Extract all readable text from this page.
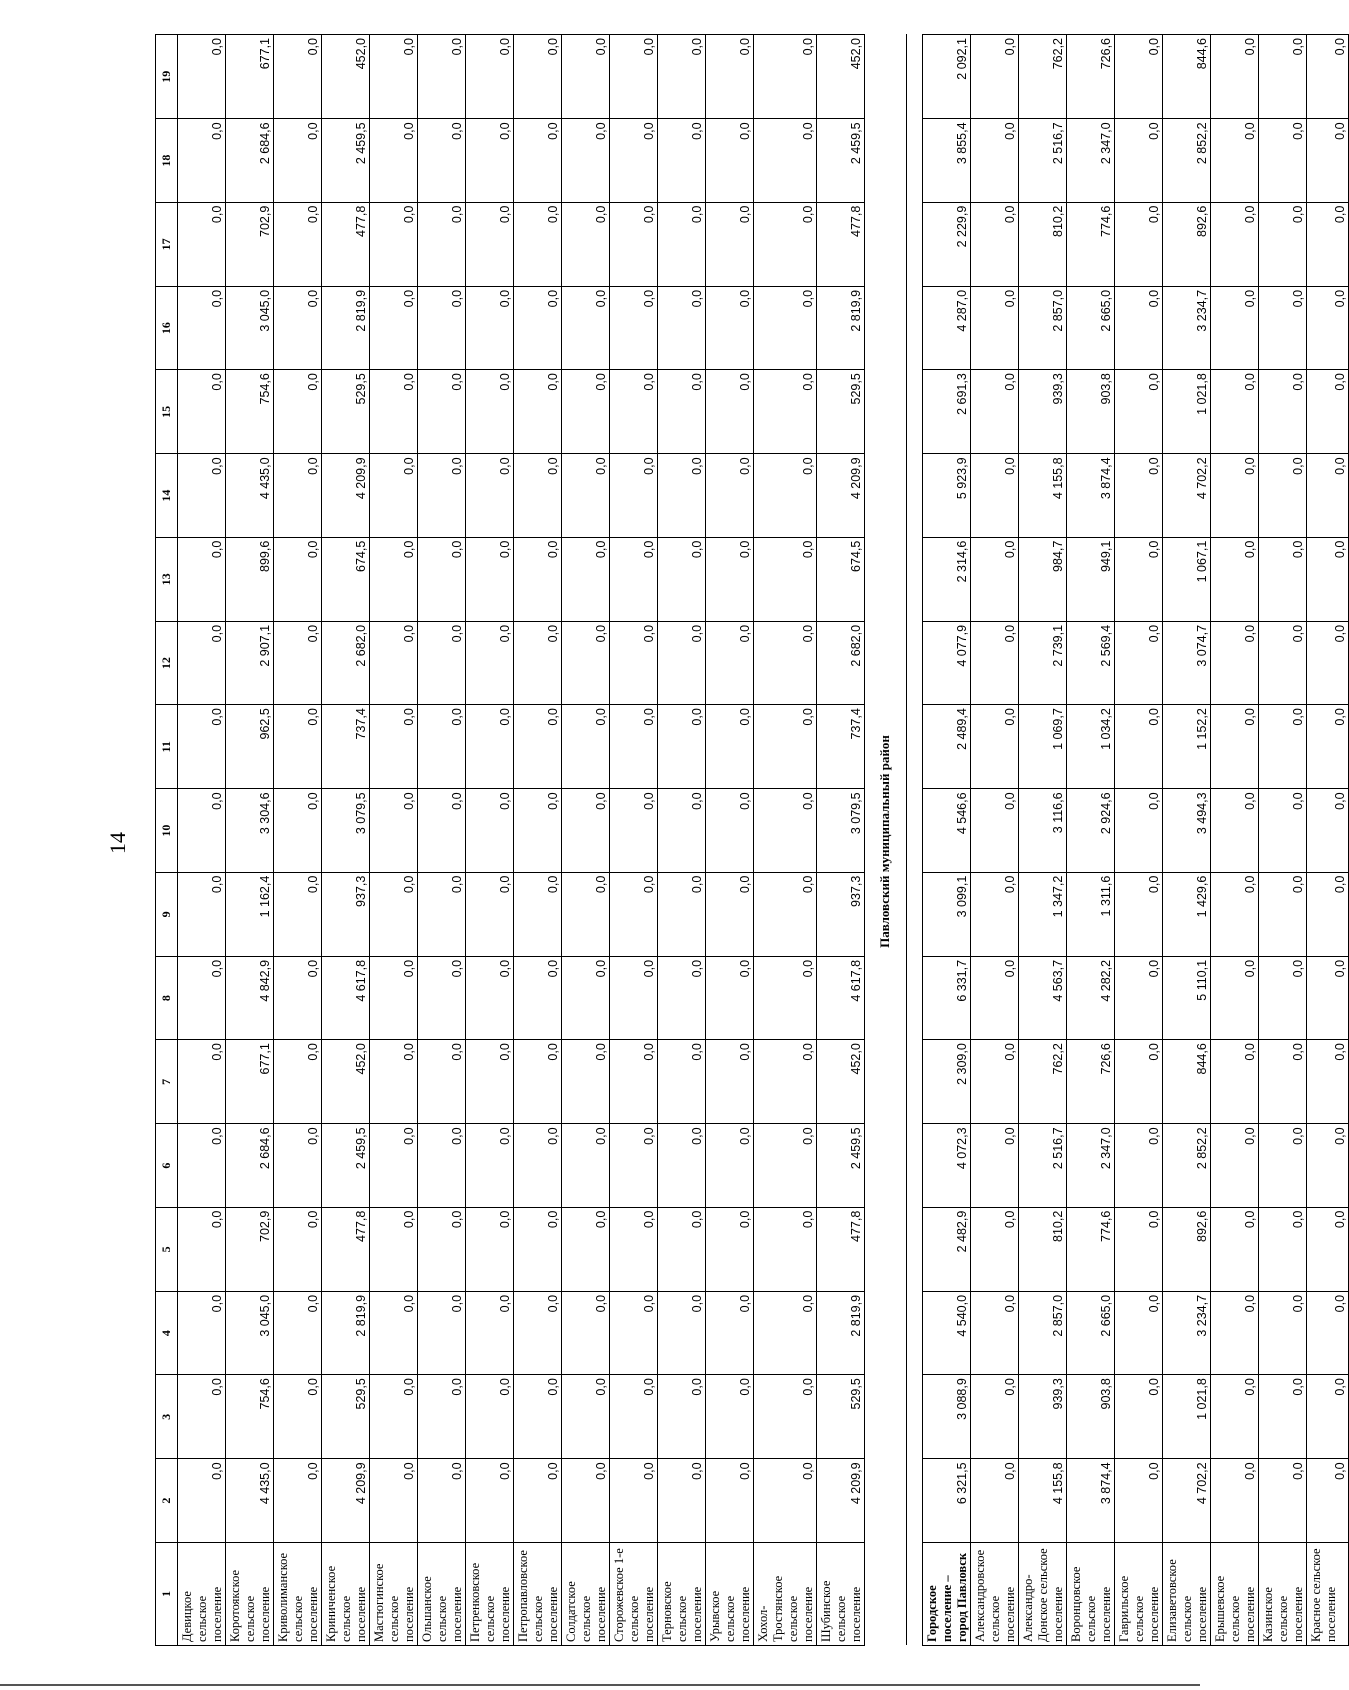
14
1	2	3	4	5	6	7	8	9	10	11	12	13	14	15	16	17	18	19
Девицкое сельское поселение	0,0	0,0	0,0	0,0	0,0	0,0	0,0	0,0	0,0	0,0	0,0	0,0	0,0	0,0	0,0	0,0	0,0	0,0
Коротоякское сельское поселение	4 435,0	754,6	3 045,0	702,9	2 684,6	677,1	4 842,9	1 162,4	3 304,6	962,5	2 907,1	899,6	4 435,0	754,6	3 045,0	702,9	2 684,6	677,1
Криволиманское сельское поселение	0,0	0,0	0,0	0,0	0,0	0,0	0,0	0,0	0,0	0,0	0,0	0,0	0,0	0,0	0,0	0,0	0,0	0,0
Криниченское сельское поселение	4 209,9	529,5	2 819,9	477,8	2 459,5	452,0	4 617,8	937,3	3 079,5	737,4	2 682,0	674,5	4 209,9	529,5	2 819,9	477,8	2 459,5	452,0
Мастюгинское сельское поселение	0,0	0,0	0,0	0,0	0,0	0,0	0,0	0,0	0,0	0,0	0,0	0,0	0,0	0,0	0,0	0,0	0,0	0,0
Ольшанское сельское поселение	0,0	0,0	0,0	0,0	0,0	0,0	0,0	0,0	0,0	0,0	0,0	0,0	0,0	0,0	0,0	0,0	0,0	0,0
Петренковское сельское поселение	0,0	0,0	0,0	0,0	0,0	0,0	0,0	0,0	0,0	0,0	0,0	0,0	0,0	0,0	0,0	0,0	0,0	0,0
Петропавловское сельское поселение	0,0	0,0	0,0	0,0	0,0	0,0	0,0	0,0	0,0	0,0	0,0	0,0	0,0	0,0	0,0	0,0	0,0	0,0
Солдатское сельское поселение	0,0	0,0	0,0	0,0	0,0	0,0	0,0	0,0	0,0	0,0	0,0	0,0	0,0	0,0	0,0	0,0	0,0	0,0
Сторожевское 1-е сельское поселение	0,0	0,0	0,0	0,0	0,0	0,0	0,0	0,0	0,0	0,0	0,0	0,0	0,0	0,0	0,0	0,0	0,0	0,0
Терновское сельское поселение	0,0	0,0	0,0	0,0	0,0	0,0	0,0	0,0	0,0	0,0	0,0	0,0	0,0	0,0	0,0	0,0	0,0	0,0
Урывское сельское поселение	0,0	0,0	0,0	0,0	0,0	0,0	0,0	0,0	0,0	0,0	0,0	0,0	0,0	0,0	0,0	0,0	0,0	0,0
Хохол-Тростянское сельское поселение	0,0	0,0	0,0	0,0	0,0	0,0	0,0	0,0	0,0	0,0	0,0	0,0	0,0	0,0	0,0	0,0	0,0	0,0
Шубинское сельское поселение	4 209,9	529,5	2 819,9	477,8	2 459,5	452,0	4 617,8	937,3	3 079,5	737,4	2 682,0	674,5	4 209,9	529,5	2 819,9	477,8	2 459,5	452,0
Павловский муниципальный район																		

Городское поселение – город Павловск	6 321,5	3 088,9	4 540,0	2 482,9	4 072,3	2 309,0	6 331,7	3 099,1	4 546,6	2 489,4	4 077,9	2 314,6	5 923,9	2 691,3	4 287,0	2 229,9	3 855,4	2 092,1
Александровское сельское поселение	0,0	0,0	0,0	0,0	0,0	0,0	0,0	0,0	0,0	0,0	0,0	0,0	0,0	0,0	0,0	0,0	0,0	0,0
Александро-Донское сельское поселение	4 155,8	939,3	2 857,0	810,2	2 516,7	762,2	4 563,7	1 347,2	3 116,6	1 069,7	2 739,1	984,7	4 155,8	939,3	2 857,0	810,2	2 516,7	762,2
Воронцовское сельское поселение	3 874,4	903,8	2 665,0	774,6	2 347,0	726,6	4 282,2	1 311,6	2 924,6	1 034,2	2 569,4	949,1	3 874,4	903,8	2 665,0	774,6	2 347,0	726,6
Гаврильское сельское поселение	0,0	0,0	0,0	0,0	0,0	0,0	0,0	0,0	0,0	0,0	0,0	0,0	0,0	0,0	0,0	0,0	0,0	0,0
Елизаветовское сельское поселение	4 702,2	1 021,8	3 234,7	892,6	2 852,2	844,6	5 110,1	1 429,6	3 494,3	1 152,2	3 074,7	1 067,1	4 702,2	1 021,8	3 234,7	892,6	2 852,2	844,6
Ерышевское сельское поселение	0,0	0,0	0,0	0,0	0,0	0,0	0,0	0,0	0,0	0,0	0,0	0,0	0,0	0,0	0,0	0,0	0,0	0,0
Казинское сельское поселение	0,0	0,0	0,0	0,0	0,0	0,0	0,0	0,0	0,0	0,0	0,0	0,0	0,0	0,0	0,0	0,0	0,0	0,0
Красное сельское поселение	0,0	0,0	0,0	0,0	0,0	0,0	0,0	0,0	0,0	0,0	0,0	0,0	0,0	0,0	0,0	0,0	0,0	0,0
